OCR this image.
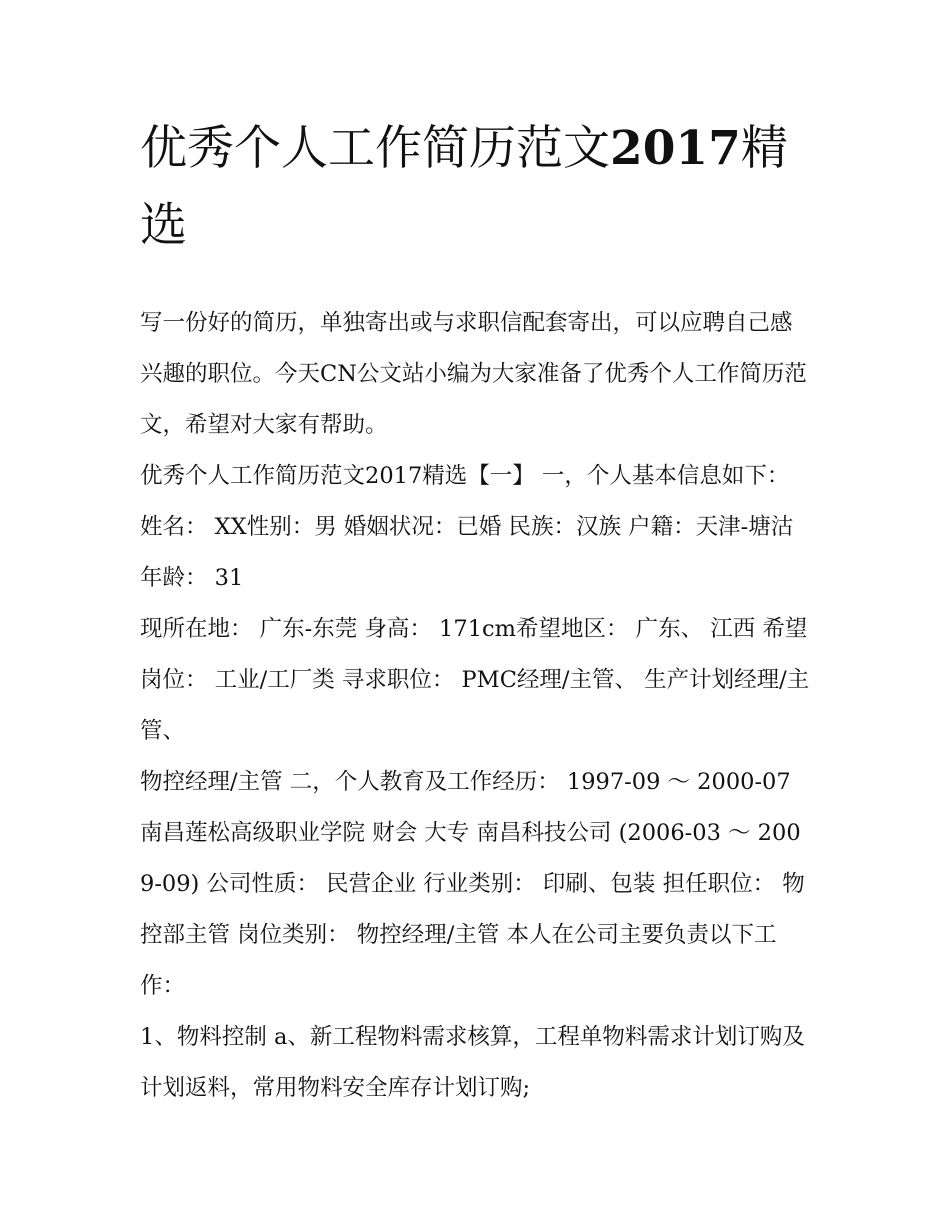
优秀个人工作简历范文2017精选

写一份好的简历，单独寄出或与求职信配套寄出，可以应聘自己感兴趣的职位。今天CN公文站小编为大家准备了优秀个人工作简历范文，希望对大家有帮助。

优秀个人工作简历范文2017精选【一】 一，个人基本信息如下： 姓名： XX性别：男 婚姻状况：已婚 民族：汉族 户籍：天津-塘沽 年龄： 31

现所在地： 广东-东莞 身高： 171cm希望地区： 广东、 江西 希望岗位： 工业/工厂类 寻求职位： PMC经理/主管、 生产计划经理/主管、

物控经理/主管 二，个人教育及工作经历： 1997-09 ～ 2000-07 南昌莲松高级职业学院 财会 大专 南昌科技公司 (2006-03 ～ 2009-09) 公司性质： 民营企业 行业类别： 印刷、包装 担任职位： 物控部主管 岗位类别： 物控经理/主管 本人在公司主要负责以下工作：

1、物料控制 a、新工程物料需求核算，工程单物料需求计划订购及计划返料，常用物料安全库存计划订购;
